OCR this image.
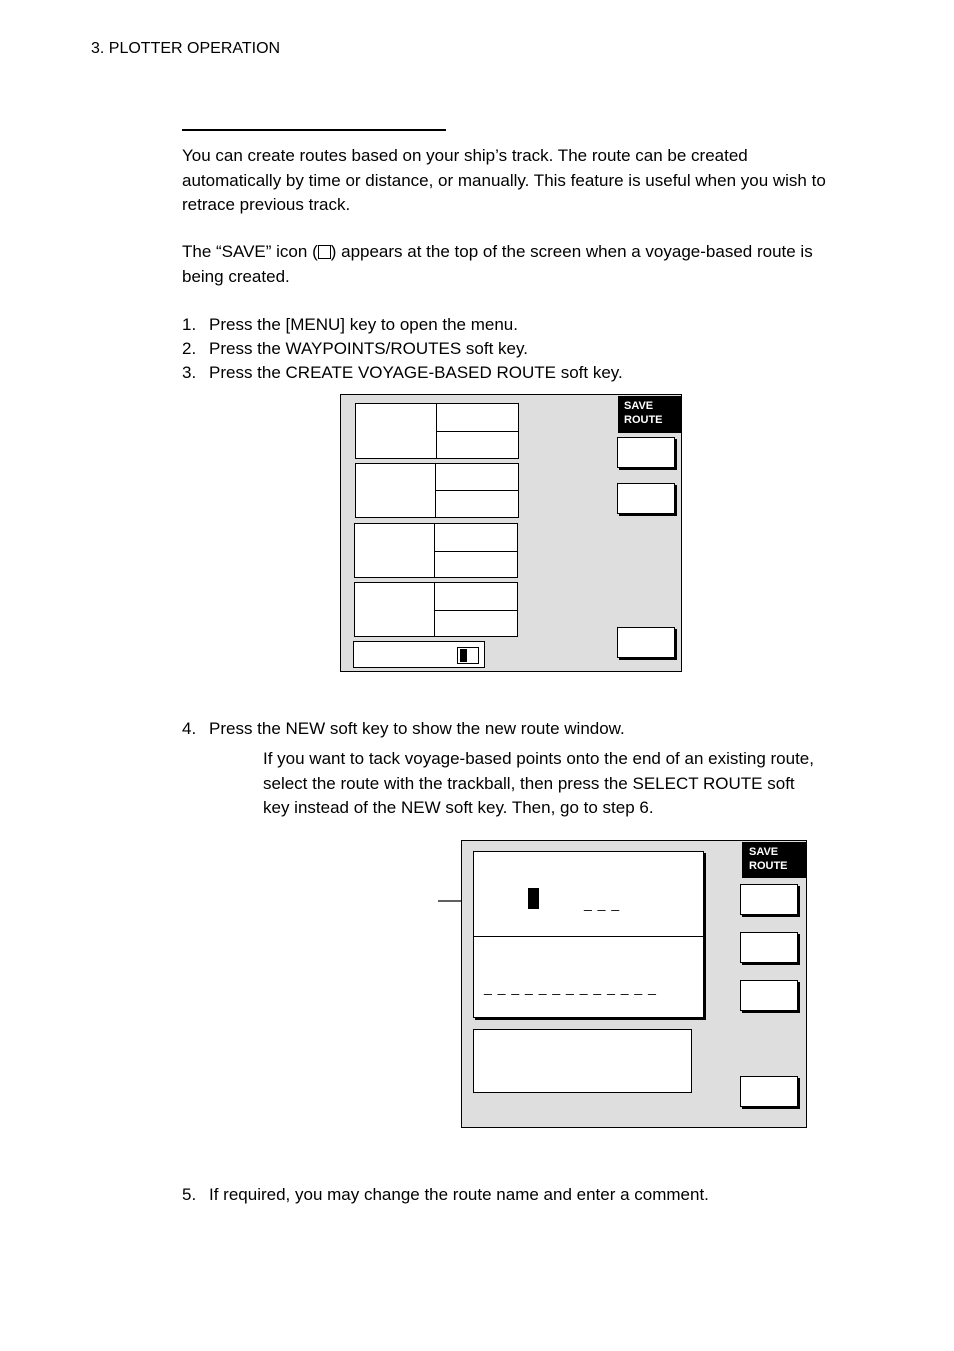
3. PLOTTER OPERATION
You can create routes based on your ship’s track. The route can be created automatically by time or distance, or manually. This feature is useful when you wish to retrace previous track.
The “SAVE” icon ( ) appears at the top of the screen when a voyage-based route is being created.
1. Press the [MENU] key to open the menu.
2. Press the WAYPOINTS/ROUTES soft key.
3. Press the CREATE VOYAGE-BASED ROUTE soft key.
SAVE
ROUTE
4. Press the NEW soft key to show the new route window.
If you want to tack voyage-based points onto the end of an existing route, select the route with the trackball, then press the SELECT ROUTE soft key instead of the NEW soft key. Then, go to step 6.
_ _ _
_ _ _ _ _ _ _ _ _ _ _ _ _
SAVE
ROUTE
5. If required, you may change the route name and enter a comment.
